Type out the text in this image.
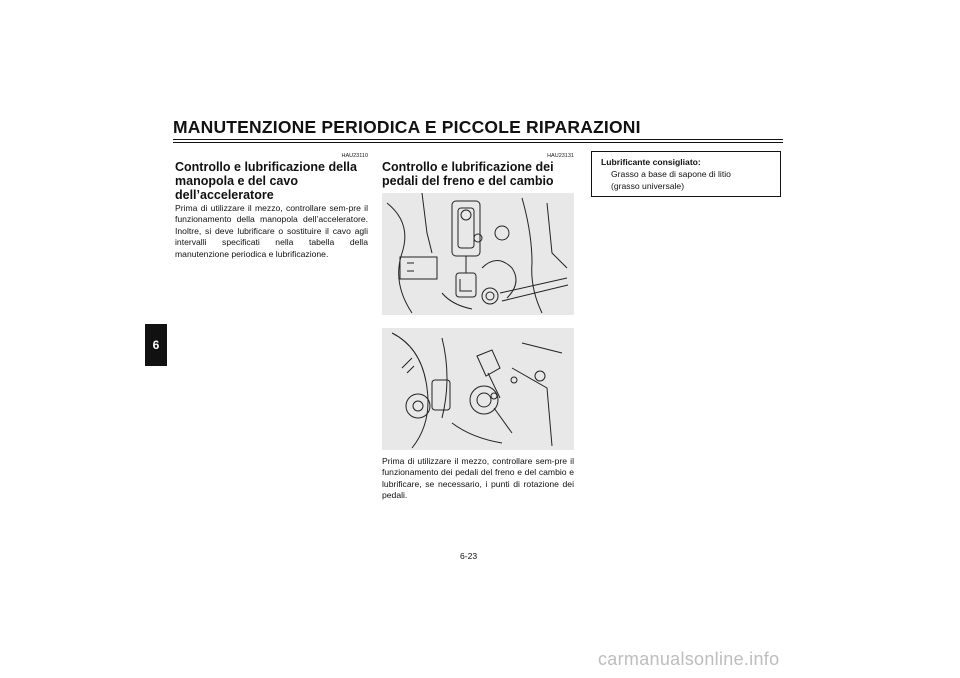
MANUTENZIONE PERIODICA E PICCOLE RIPARAZIONI
6
HAU23110
Controllo e lubrificazione della
manopola e del cavo
dell’acceleratore
Prima di utilizzare il mezzo, controllare sem-pre il funzionamento della manopola dell’acceleratore. Inoltre, si deve lubrificare o sostituire il cavo agli intervalli specificati nella tabella della manutenzione periodica e lubrificazione.
HAU23131
Controllo e lubrificazione dei
pedali del freno e del cambio
Prima di utilizzare il mezzo, controllare sem-pre il funzionamento dei pedali del freno e del cambio e lubrificare, se necessario, i punti di rotazione dei pedali.
Lubrificante consigliato:
Grasso a base di sapone di litio
(grasso universale)
6-23
carmanualsonline.info
